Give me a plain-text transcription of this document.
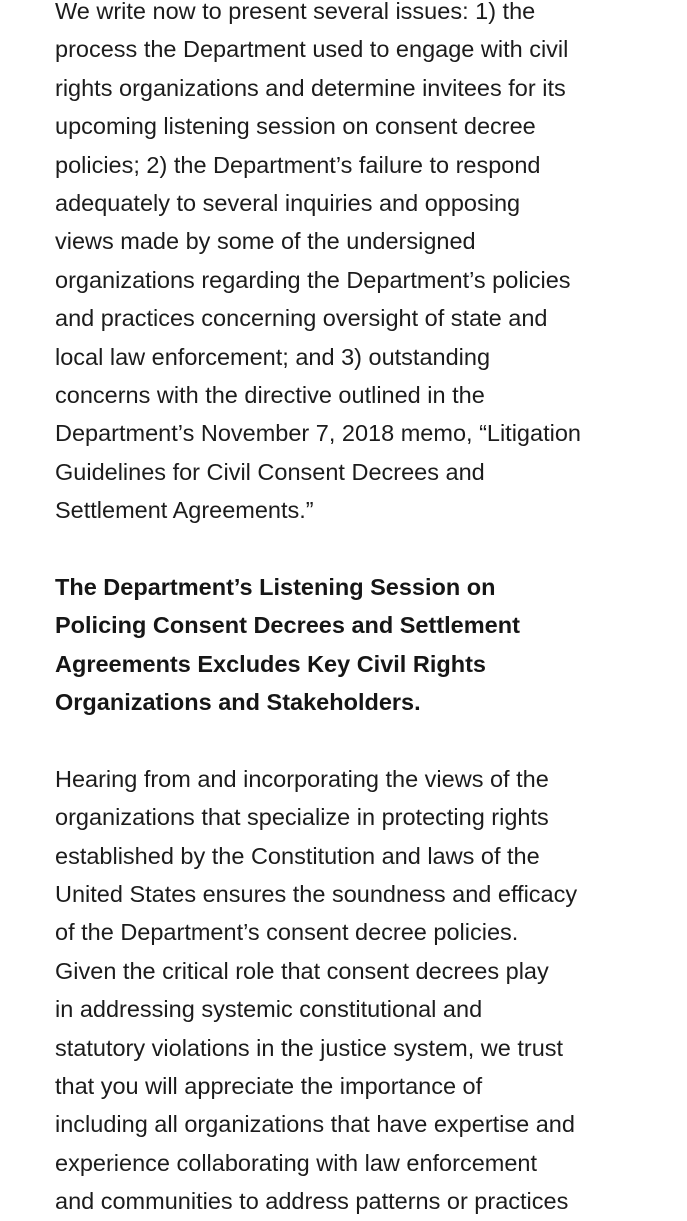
We write now to present several issues: 1) the
process the Department used to engage with civil
rights organizations and determine invitees for its
upcoming listening session on consent decree
policies; 2) the Department’s failure to respond
adequately to several inquiries and opposing
views made by some of the undersigned
organizations regarding the Department’s policies
and practices concerning oversight of state and
local law enforcement; and 3) outstanding
concerns with the directive outlined in the
Department’s November 7, 2018 memo, “Litigation
Guidelines for Civil Consent Decrees and
Settlement Agreements.”
The Department’s Listening Session on
Policing Consent Decrees and Settlement
Agreements Excludes Key Civil Rights
Organizations and Stakeholders.
Hearing from and incorporating the views of the
organizations that specialize in protecting rights
established by the Constitution and laws of the
United States ensures the soundness and efficacy
of the Department’s consent decree policies.
Given the critical role that consent decrees play
in addressing systemic constitutional and
statutory violations in the justice system, we trust
that you will appreciate the importance of
including all organizations that have expertise and
experience collaborating with law enforcement
and communities to address patterns or practices
